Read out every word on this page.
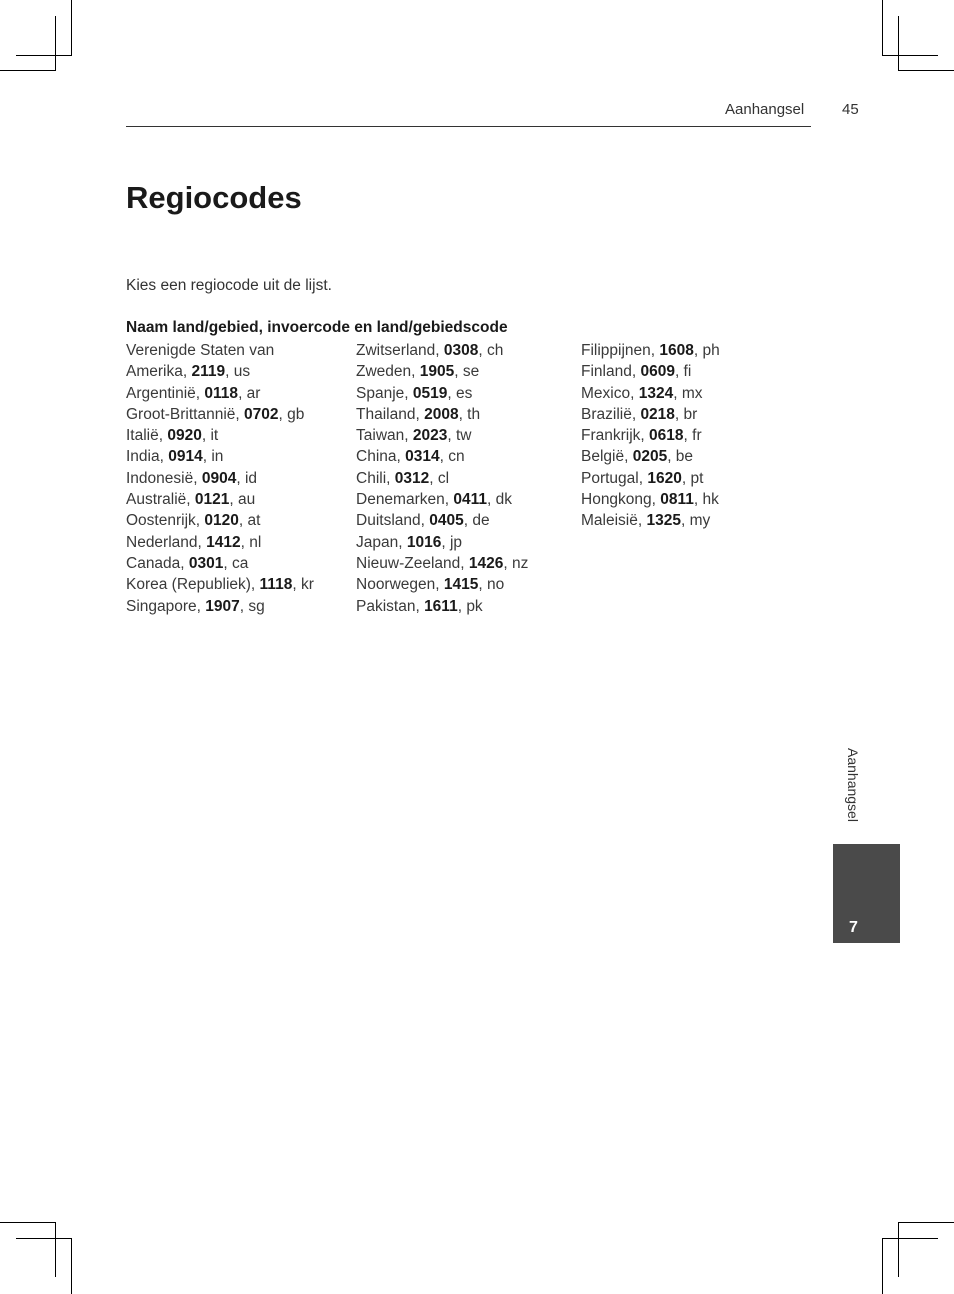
Aanhangsel	45
Regiocodes
Kies een regiocode uit de lijst.
Naam land/gebied, invoercode en land/gebiedscode
Verenigde Staten van
Amerika, 2119, us
Argentinië, 0118, ar
Groot-Brittannië, 0702, gb
Italië, 0920, it
India, 0914, in
Indonesië, 0904, id
Australië, 0121, au
Oostenrijk, 0120, at
Nederland, 1412, nl
Canada, 0301, ca
Korea (Republiek), 1118, kr
Singapore, 1907, sg
Zwitserland, 0308, ch
Zweden, 1905, se
Spanje, 0519, es
Thailand, 2008, th
Taiwan, 2023, tw
China, 0314, cn
Chili, 0312, cl
Denemarken, 0411, dk
Duitsland, 0405, de
Japan, 1016, jp
Nieuw-Zeeland, 1426, nz
Noorwegen, 1415, no
Pakistan, 1611, pk
Filippijnen, 1608, ph
Finland, 0609, fi
Mexico, 1324, mx
Brazilië, 0218, br
Frankrijk, 0618, fr
België, 0205, be
Portugal, 1620, pt
Hongkong, 0811, hk
Maleisië, 1325, my
Aanhangsel
7
